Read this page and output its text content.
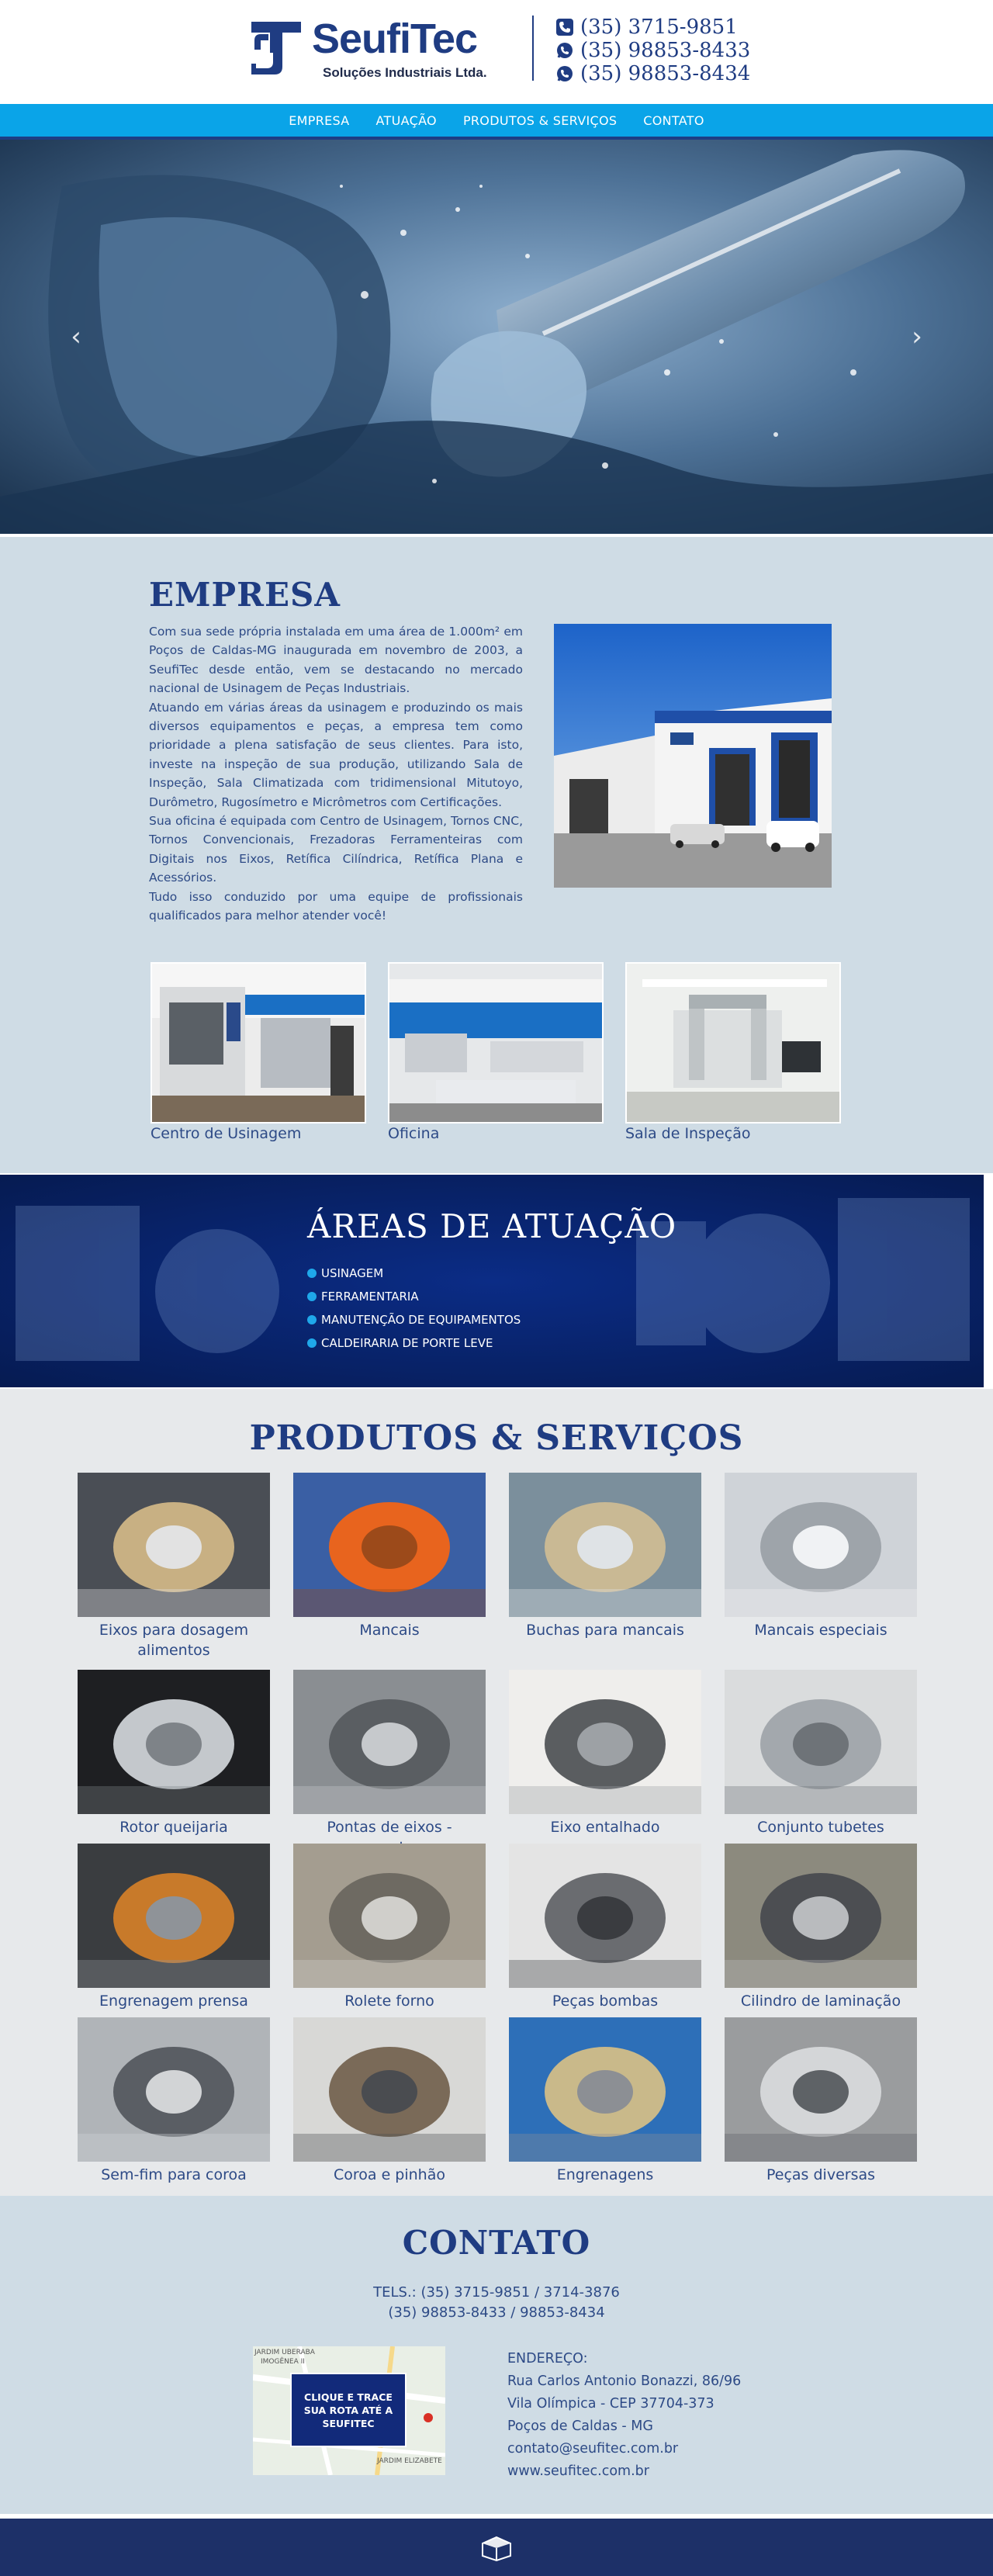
SeufiTec
Soluções Industriais Ltda.
(35) 3715-9851
(35) 98853-8433
(35) 98853-8434
EMPRESA ATUAÇÃO PRODUTOS & SERVIÇOS CONTATO
‹	›
EMPRESA

Com sua sede própria instalada em uma área de 1.000m² em Poços de Caldas-MG inaugurada em novembro de 2003, a SeufiTec desde então, vem se destacando no mercado nacional de Usinagem de Peças Industriais.

Atuando em várias áreas da usinagem e produzindo os mais diversos equipamentos e peças, a empresa tem como prioridade a plena satisfação de seus clientes. Para isto, investe na inspeção de sua produção, utilizando Sala de Inspeção, Sala Climatizada com tridimensional Mitutoyo, Durômetro, Rugosímetro e Micrômetros com Certificações.

Sua oficina é equipada com Centro de Usinagem, Tornos CNC, Tornos Convencionais, Frezadoras Ferramenteiras com Digitais nos Eixos, Retífica Cilíndrica, Retífica Plana e Acessórios.

Tudo isso conduzido por uma equipe de profissionais qualificados para melhor atender você!

Centro de Usinagem	Oficina	Sala de Inspeção
ÁREAS DE ATUAÇÃO
USINAGEM
FERRAMENTARIA
MANUTENÇÃO DE EQUIPAMENTOS
CALDEIRARIA DE PORTE LEVE
PRODUTOS & SERVIÇOS
Eixos para dosagem alimentos
Mancais	Buchas para mancais	Mancais especiais
Rotor queijaria	Pontas de eixos -	Eixo entalhado	Conjunto tubetes
Engrenagem prensa	Rolete forno	Peças bombas	Cilindro de laminação
Sem-fim para coroa	Coroa e pinhão	Engrenagens	Peças diversas
CONTATO
TELS.: (35) 3715-9851 / 3714-3876
(35) 98853-8433 / 98853-8434
JARDIM UBERABA
IMOGÊNEA II
JARDIM ELIZABETE
CLIQUE E TRACE SUA ROTA ATÉ A SEUFITEC
ENDEREÇO:
Rua Carlos Antonio Bonazzi, 86/96
Vila Olímpica - CEP 37704-373
Poços de Caldas - MG
contato@seufitec.com.br
www.seufitec.com.br
